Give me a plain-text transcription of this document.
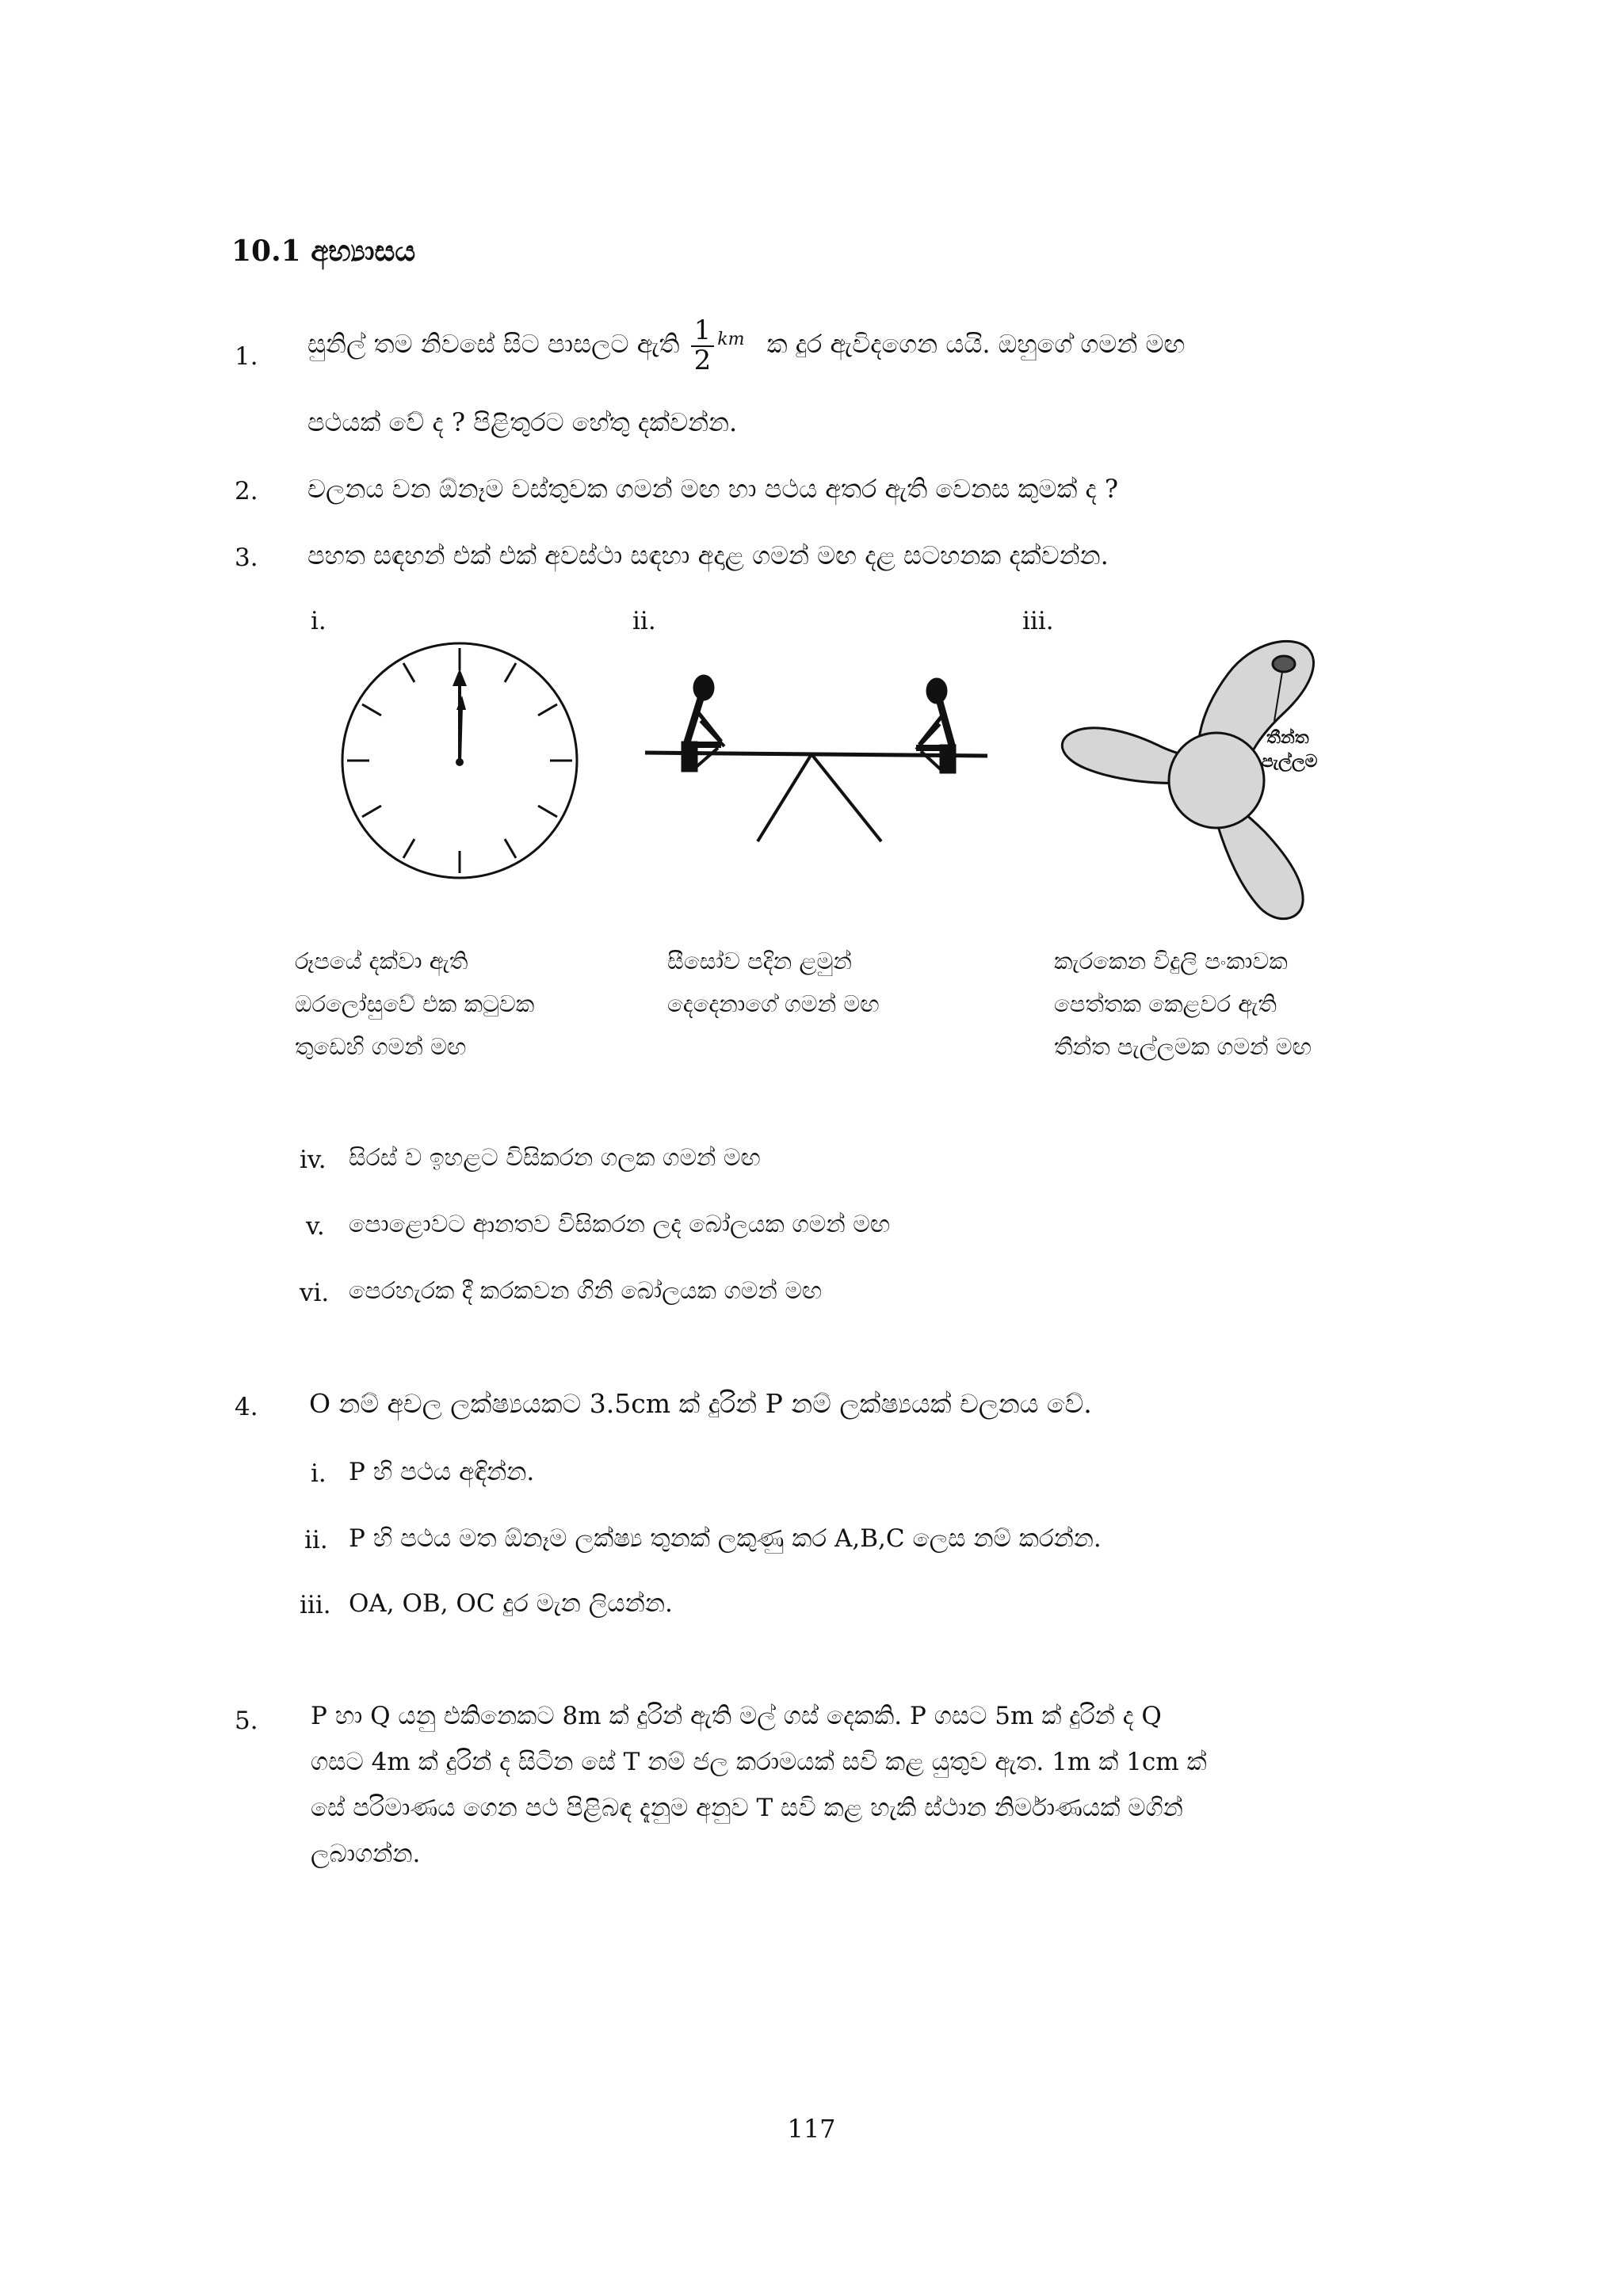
10.1 අභ්‍යාසය
1. සුනිල් තම නිවසේ සිට පාසලට ඇති $\frac{1}{2} ^{km}$ ක දුර ඇවිදගෙන යයි. ඔහුගේ ගමන් මඟ
පථයක් වේ ද ? පිළිතුරට හේතු දක්වන්න.
2. චලනය වන ඕනෑම වස්තුවක ගමන් මඟ හා පථය අතර ඇති වෙනස කුමක් ද ?
3. පහත සඳහන් එක් එක් අවස්ථා සඳහා අදාළ ගමන් මඟ දළ සටහනක දක්වන්න.
i.	ii.	iii.
තීන්ත
පැල්ලම
රූපයේ දක්වා ඇති
ඔරලෝසුවේ එක කටුවක
තුඩෙහි ගමන් මඟ
සීසෝව පදින ළමුන්
දෙදෙනාගේ ගමන් මඟ
කැරකෙන විදුලි පංකාවක
පෙත්තක කෙළවර ඇති
තීන්ත පැල්ලමක ගමන් මඟ
iv. සිරස් ව ඉහළට විසිකරන ගලක ගමන් මඟ
v. පොළොවට ආනතව විසිකරන ලද බෝලයක ගමන් මඟ
vi. පෙරහැරක දී කරකවන ගිනි බෝලයක ගමන් මඟ
4. O නම් අචල ලක්ෂ්‍යයකට 3.5cm ක් දුරින් P නම් ලක්ෂ්‍යයක් චලනය වේ.
i. P හි පථය අඳින්න.
ii. P හි පථය මත ඕනෑම ලක්ෂ්‍ය තුනක් ලකුණු කර A,B,C ලෙස නම් කරන්න.
iii. OA, OB, OC දුර මැන ලියන්න.
5. P හා Q යනු එකිනෙකට 8m ක් දුරින් ඇති මල් ගස් දෙකකි. P ගසට 5m ක් දුරින් ද Q
ගසට 4m ක් දුරින් ද සිටින සේ T නම් ජල කරාමයක් සවි කළ යුතුව ඇත. 1m ක් 1cm ක්
සේ පරිමාණය ගෙන පථ පිළිබඳ දැනුම අනුව T සවි කළ හැකි ස්ථාන නිර්මාණයක් මගින්
ලබාගන්න.
117
